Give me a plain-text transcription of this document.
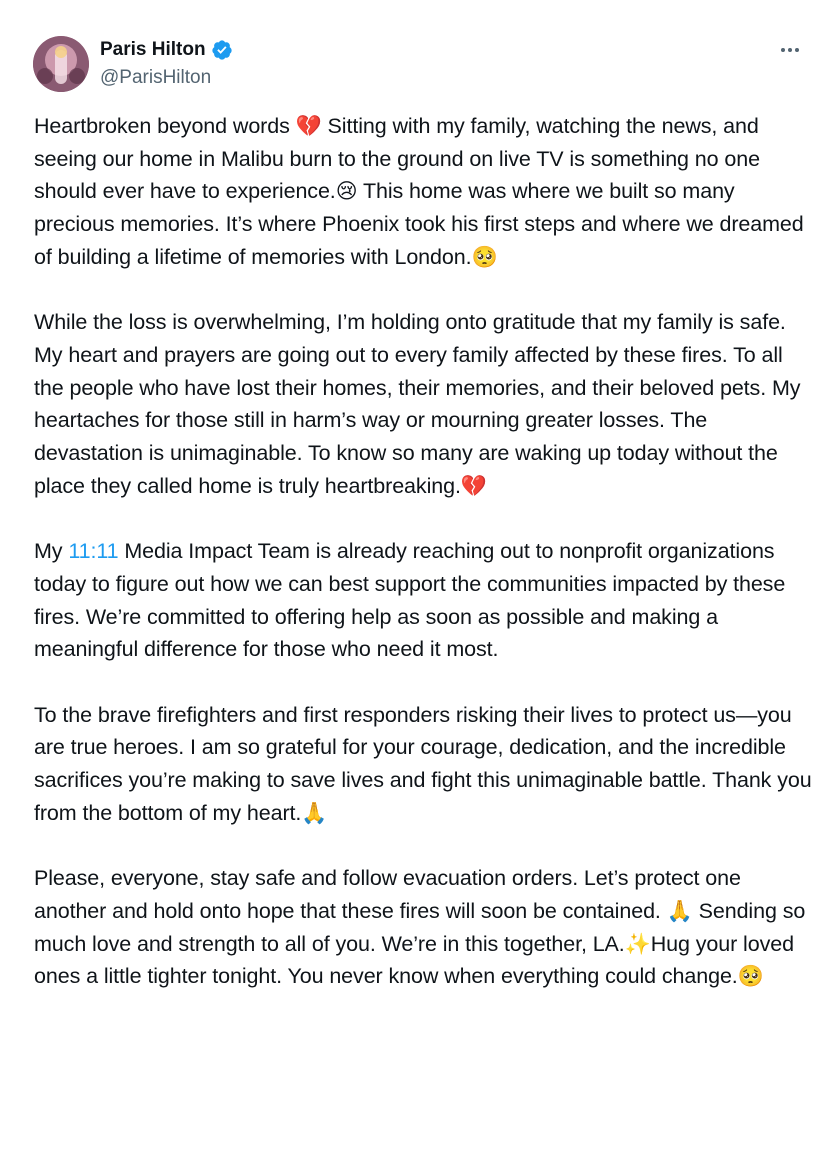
Paris Hilton
@ParisHilton

Heartbroken beyond words 💔 Sitting with my family, watching the news, and seeing our home in Malibu burn to the ground on live TV is something no one should ever have to experience.😢 This home was where we built so many precious memories. It’s where Phoenix took his first steps and where we dreamed of building a lifetime of memories with London.🥺

While the loss is overwhelming, I’m holding onto gratitude that my family is safe. My heart and prayers are going out to every family affected by these fires. To all the people who have lost their homes, their memories, and their beloved pets. My heartaches for those still in harm’s way or mourning greater losses. The devastation is unimaginable. To know so many are waking up today without the place they called home is truly heartbreaking.💔

My 11:11 Media Impact Team is already reaching out to nonprofit organizations today to figure out how we can best support the communities impacted by these fires. We’re committed to offering help as soon as possible and making a meaningful difference for those who need it most.

To the brave firefighters and first responders risking their lives to protect us—you are true heroes. I am so grateful for your courage, dedication, and the incredible sacrifices you’re making to save lives and fight this unimaginable battle. Thank you from the bottom of my heart.🙏

Please, everyone, stay safe and follow evacuation orders. Let’s protect one another and hold onto hope that these fires will soon be contained. 🙏 Sending so much love and strength to all of you. We’re in this together, LA.✨Hug your loved ones a little tighter tonight. You never know when everything could change.🥺
